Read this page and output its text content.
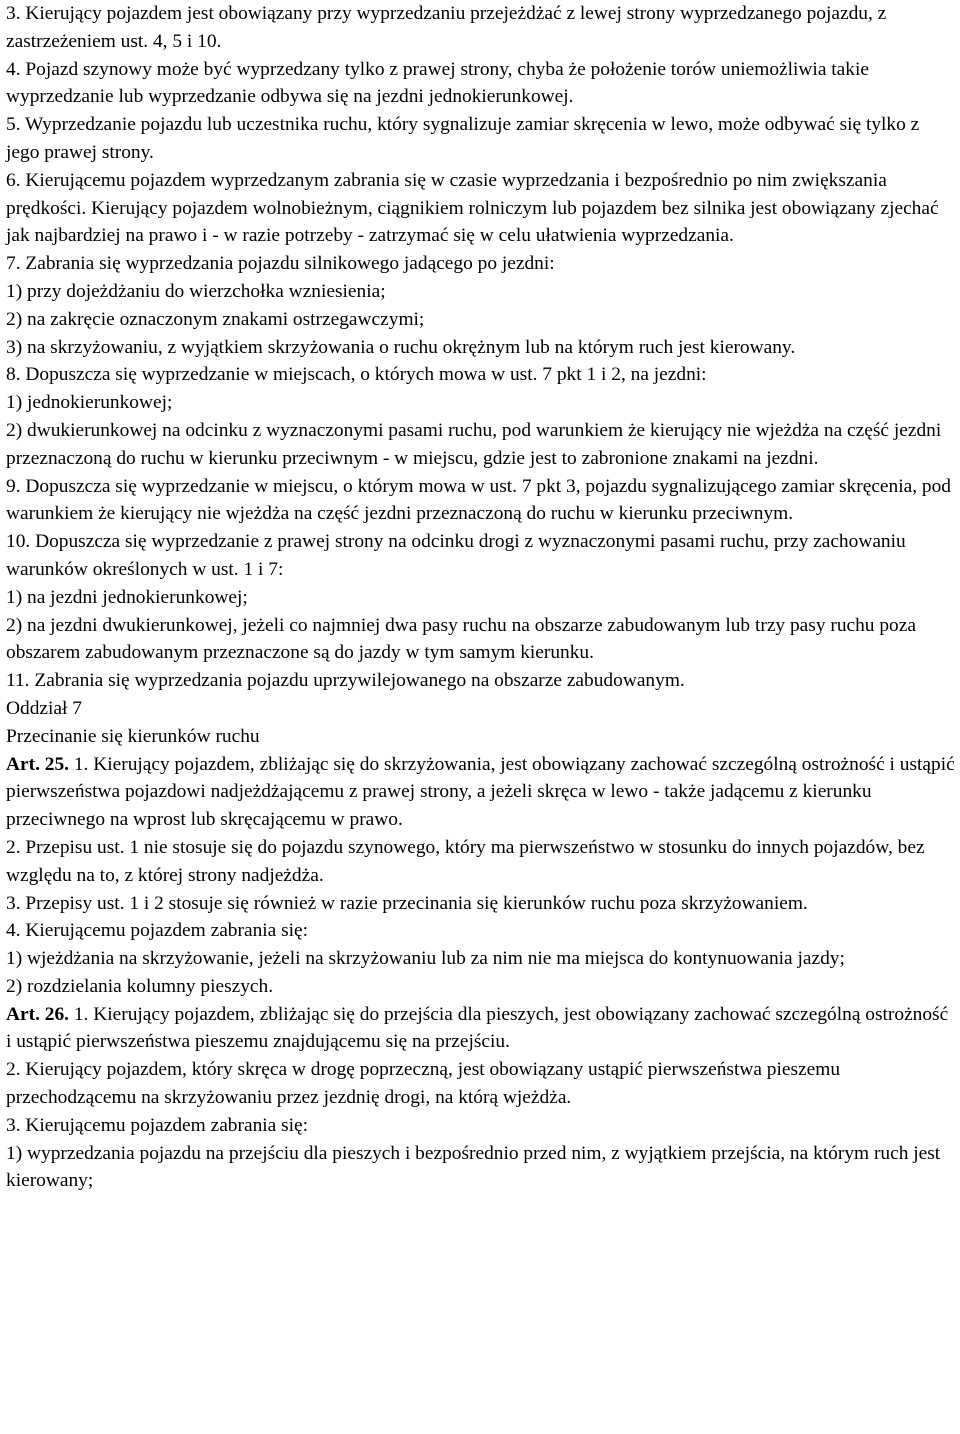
3. Kierujący pojazdem jest obowiązany przy wyprzedzaniu przejeżdżać z lewej strony wyprzedzanego pojazdu, z zastrzeżeniem ust. 4, 5 i 10.

4. Pojazd szynowy może być wyprzedzany tylko z prawej strony, chyba że położenie torów uniemożliwia takie wyprzedzanie lub wyprzedzanie odbywa się na jezdni jednokierunkowej.

5. Wyprzedzanie pojazdu lub uczestnika ruchu, który sygnalizuje zamiar skręcenia w lewo, może odbywać się tylko z jego prawej strony.

6. Kierującemu pojazdem wyprzedzanym zabrania się w czasie wyprzedzania i bezpośrednio po nim zwiększania prędkości. Kierujący pojazdem wolnobieżnym, ciągnikiem rolniczym lub pojazdem bez silnika jest obowiązany zjechać jak najbardziej na prawo i - w razie potrzeby - zatrzymać się w celu ułatwienia wyprzedzania.

7. Zabrania się wyprzedzania pojazdu silnikowego jadącego po jezdni:

1) przy dojeżdżaniu do wierzchołka wzniesienia;

2) na zakręcie oznaczonym znakami ostrzegawczymi;

3) na skrzyżowaniu, z wyjątkiem skrzyżowania o ruchu okrężnym lub na którym ruch jest kierowany.

8. Dopuszcza się wyprzedzanie w miejscach, o których mowa w ust. 7 pkt 1 i 2, na jezdni:

1) jednokierunkowej;

2) dwukierunkowej na odcinku z wyznaczonymi pasami ruchu, pod warunkiem że kierujący nie wjeżdża na część jezdni przeznaczoną do ruchu w kierunku przeciwnym - w miejscu, gdzie jest to zabronione znakami na jezdni.

9. Dopuszcza się wyprzedzanie w miejscu, o którym mowa w ust. 7 pkt 3, pojazdu sygnalizującego zamiar skręcenia, pod warunkiem że kierujący nie wjeżdża na część jezdni przeznaczoną do ruchu w kierunku przeciwnym.

10. Dopuszcza się wyprzedzanie z prawej strony na odcinku drogi z wyznaczonymi pasami ruchu, przy zachowaniu warunków określonych w ust. 1 i 7:

1) na jezdni jednokierunkowej;

2) na jezdni dwukierunkowej, jeżeli co najmniej dwa pasy ruchu na obszarze zabudowanym lub trzy pasy ruchu poza obszarem zabudowanym przeznaczone są do jazdy w tym samym kierunku.

11. Zabrania się wyprzedzania pojazdu uprzywilejowanego na obszarze zabudowanym.

Oddział 7

Przecinanie się kierunków ruchu

Art. 25. 1. Kierujący pojazdem, zbliżając się do skrzyżowania, jest obowiązany zachować szczególną ostrożność i ustąpić pierwszeństwa pojazdowi nadjeżdżającemu z prawej strony, a jeżeli skręca w lewo - także jadącemu z kierunku przeciwnego na wprost lub skręcającemu w prawo.

2. Przepisu ust. 1 nie stosuje się do pojazdu szynowego, który ma pierwszeństwo w stosunku do innych pojazdów, bez względu na to, z której strony nadjeżdża.

3. Przepisy ust. 1 i 2 stosuje się również w razie przecinania się kierunków ruchu poza skrzyżowaniem.

4. Kierującemu pojazdem zabrania się:

1) wjeżdżania na skrzyżowanie, jeżeli na skrzyżowaniu lub za nim nie ma miejsca do kontynuowania jazdy;

2) rozdzielania kolumny pieszych.

Art. 26. 1. Kierujący pojazdem, zbliżając się do przejścia dla pieszych, jest obowiązany zachować szczególną ostrożność i ustąpić pierwszeństwa pieszemu znajdującemu się na przejściu.

2. Kierujący pojazdem, który skręca w drogę poprzeczną, jest obowiązany ustąpić pierwszeństwa pieszemu przechodzącemu na skrzyżowaniu przez jezdnię drogi, na którą wjeżdża.

3. Kierującemu pojazdem zabrania się:

1) wyprzedzania pojazdu na przejściu dla pieszych i bezpośrednio przed nim, z wyjątkiem przejścia, na którym ruch jest kierowany;
